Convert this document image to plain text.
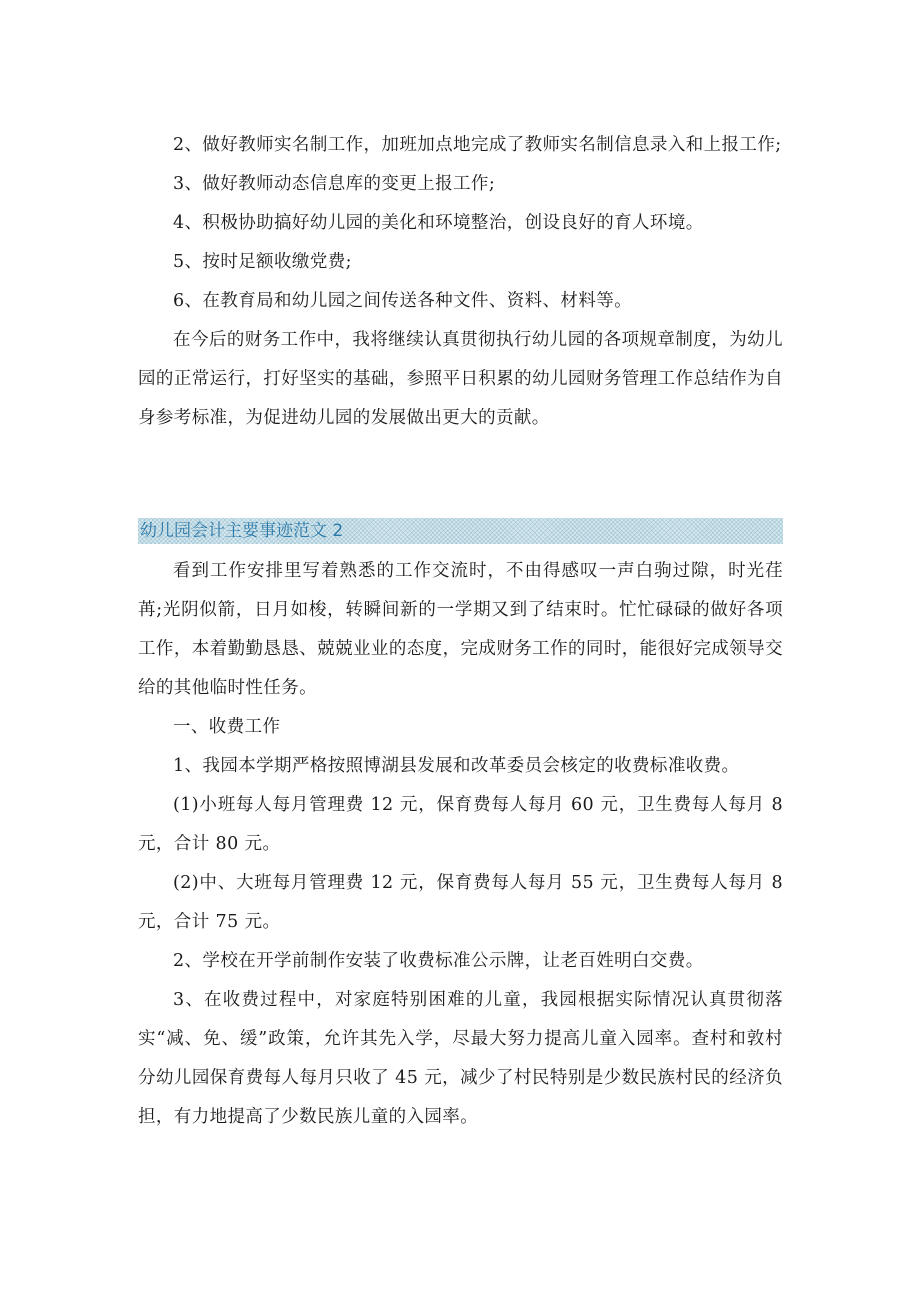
2、做好教师实名制工作，加班加点地完成了教师实名制信息录入和上报工作;

3、做好教师动态信息库的变更上报工作;

4、积极协助搞好幼儿园的美化和环境整治，创设良好的育人环境。

5、按时足额收缴党费;

6、在教育局和幼儿园之间传送各种文件、资料、材料等。

在今后的财务工作中，我将继续认真贯彻执行幼儿园的各项规章制度，为幼儿园的正常运行，打好坚实的基础，参照平日积累的幼儿园财务管理工作总结作为自身参考标准，为促进幼儿园的发展做出更大的贡献。

幼儿园会计主要事迹范文 2

看到工作安排里写着熟悉的工作交流时，不由得感叹一声白驹过隙，时光荏苒;光阴似箭，日月如梭，转瞬间新的一学期又到了结束时。忙忙碌碌的做好各项工作，本着勤勤恳恳、兢兢业业的态度，完成财务工作的同时，能很好完成领导交给的其他临时性任务。

一、收费工作

1、我园本学期严格按照博湖县发展和改革委员会核定的收费标准收费。

(1)小班每人每月管理费 12 元，保育费每人每月 60 元，卫生费每人每月 8 元，合计 80 元。

(2)中、大班每月管理费 12 元，保育费每人每月 55 元，卫生费每人每月 8 元，合计 75 元。

2、学校在开学前制作安装了收费标准公示牌，让老百姓明白交费。

3、在收费过程中，对家庭特别困难的儿童，我园根据实际情况认真贯彻落实“减、免、缓”政策，允许其先入学，尽最大努力提高儿童入园率。查村和敦村分幼儿园保育费每人每月只收了 45 元，减少了村民特别是少数民族村民的经济负担，有力地提高了少数民族儿童的入园率。
